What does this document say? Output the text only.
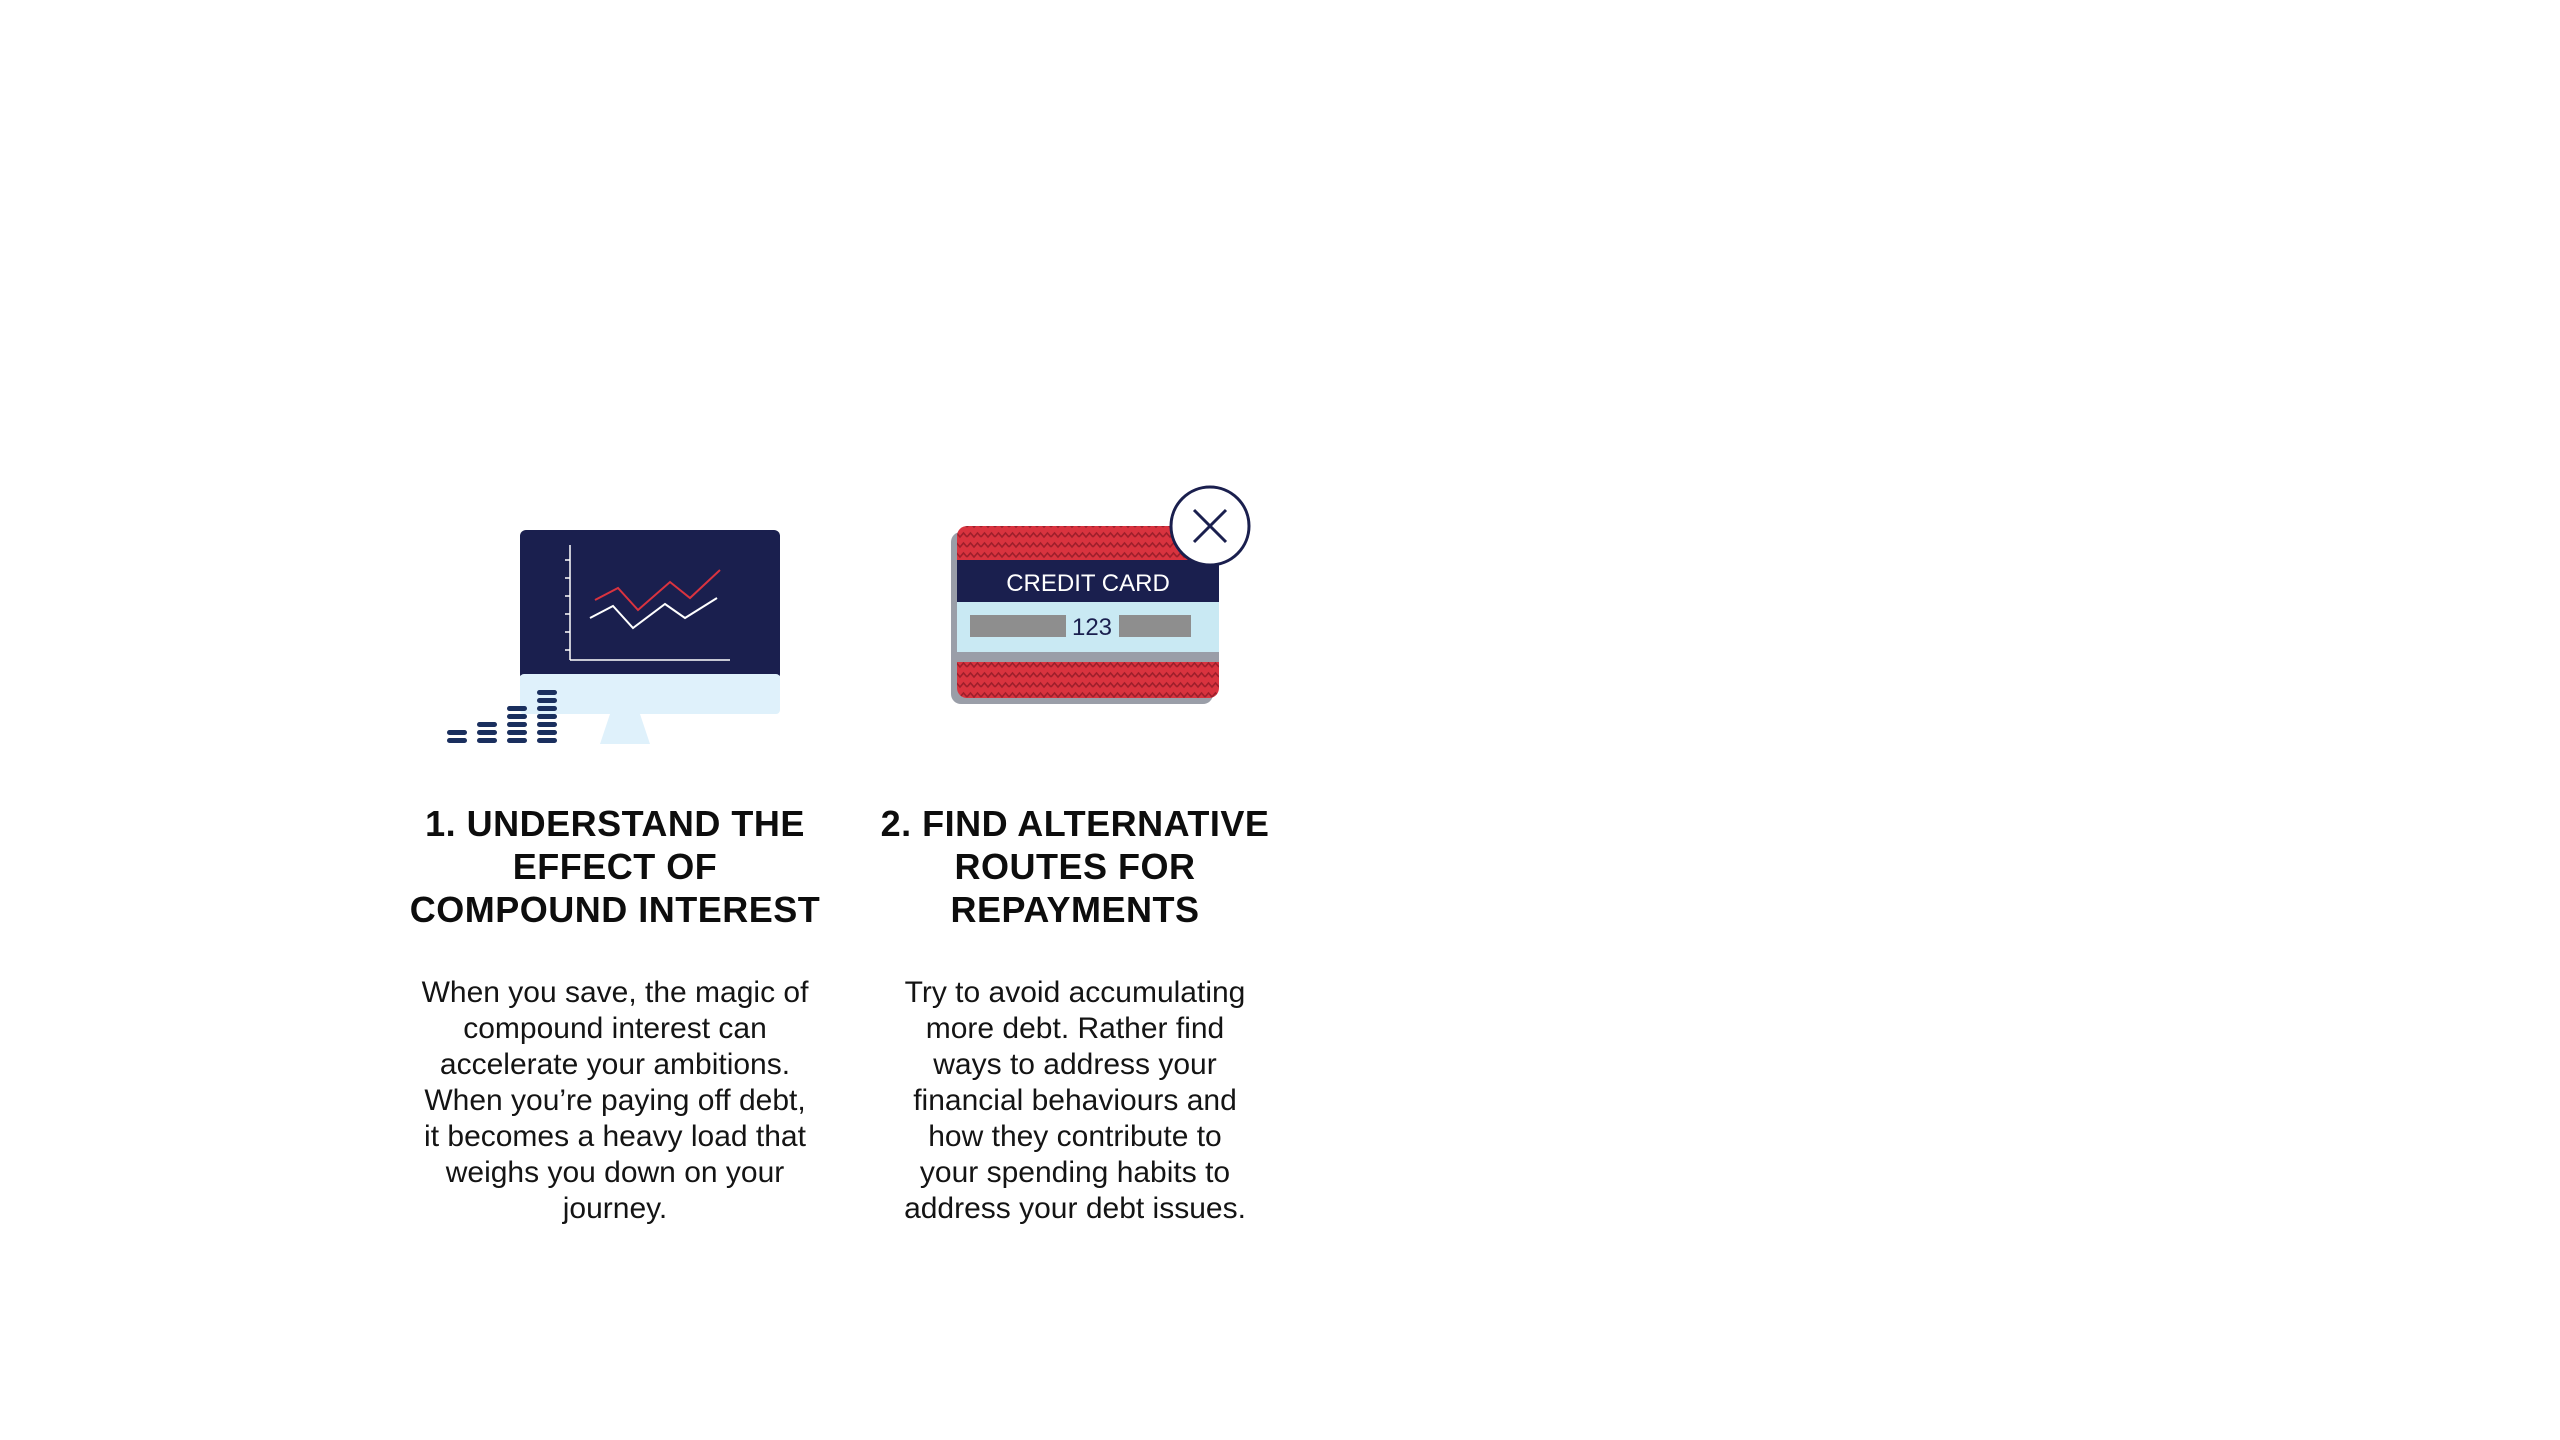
1. UNDERSTAND THE
EFFECT OF
COMPOUND INTEREST

When you save, the magic of
compound interest can
accelerate your ambitions.
When you’re paying off debt,
it becomes a heavy load that
weighs you down on your
journey.

CREDIT CARD
123
2. FIND ALTERNATIVE
ROUTES FOR
REPAYMENTS

Try to avoid accumulating
more debt. Rather find
ways to address your
financial behaviours and
how they contribute to
your spending habits to
address your debt issues.
